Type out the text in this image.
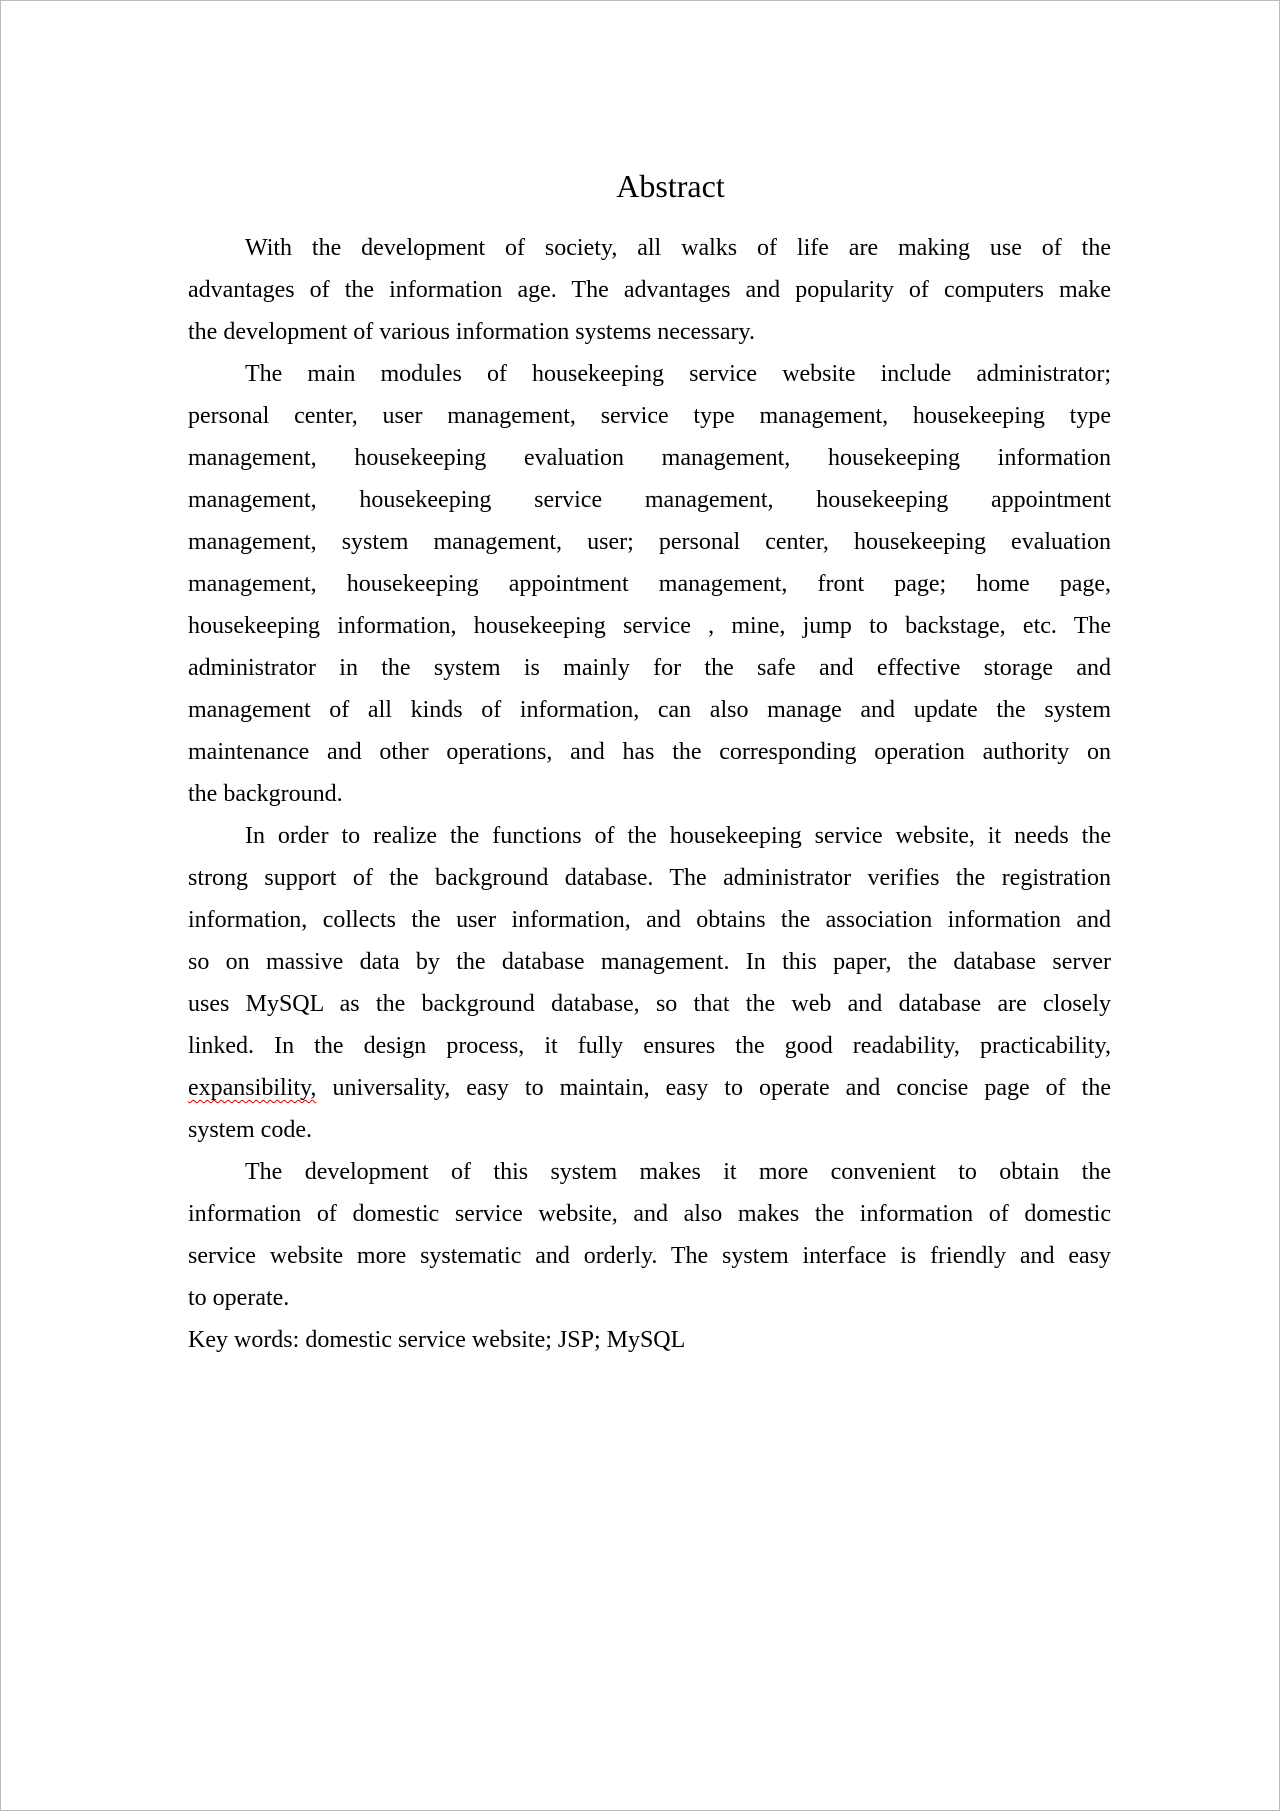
Abstract
With the development of society, all walks of life are making use of the
advantages of the information age. The advantages and popularity of computers make
the development of various information systems necessary.
The main modules of housekeeping service website include administrator;
personal center, user management, service type management, housekeeping type
management, housekeeping evaluation management, housekeeping information
management, housekeeping service management, housekeeping appointment
management, system management, user; personal center, housekeeping evaluation
management, housekeeping appointment management, front page; home page,
housekeeping information, housekeeping service , mine, jump to backstage, etc. The
administrator in the system is mainly for the safe and effective storage and
management of all kinds of information, can also manage and update the system
maintenance and other operations, and has the corresponding operation authority on
the background.
In order to realize the functions of the housekeeping service website, it needs the
strong support of the background database. The administrator verifies the registration
information, collects the user information, and obtains the association information and
so on massive data by the database management. In this paper, the database server
uses MySQL as the background database, so that the web and database are closely
linked. In the design process, it fully ensures the good readability, practicability,
expansibility, universality, easy to maintain, easy to operate and concise page of the
system code.
The development of this system makes it more convenient to obtain the
information of domestic service website, and also makes the information of domestic
service website more systematic and orderly. The system interface is friendly and easy
to operate.
Key words: domestic service website; JSP; MySQL
